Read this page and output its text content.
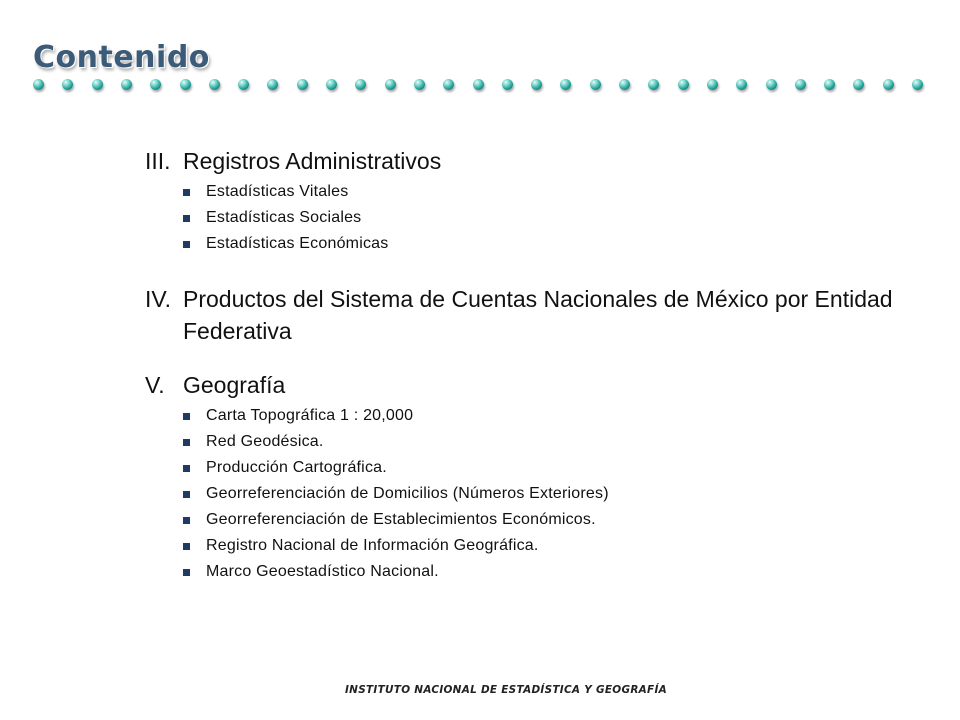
Contenido
III. Registros Administrativos
Estadísticas Vitales
Estadísticas Sociales
Estadísticas Económicas
IV. Productos del Sistema de Cuentas Nacionales de México por Entidad Federativa
V. Geografía
Carta Topográfica 1 : 20,000
Red Geodésica.
Producción Cartográfica.
Georreferenciación de Domicilios (Números Exteriores)
Georreferenciación de Establecimientos Económicos.
Registro Nacional de Información Geográfica.
Marco Geoestadístico Nacional.
INSTITUTO NACIONAL DE ESTADÍSTICA Y GEOGRAFÍA
